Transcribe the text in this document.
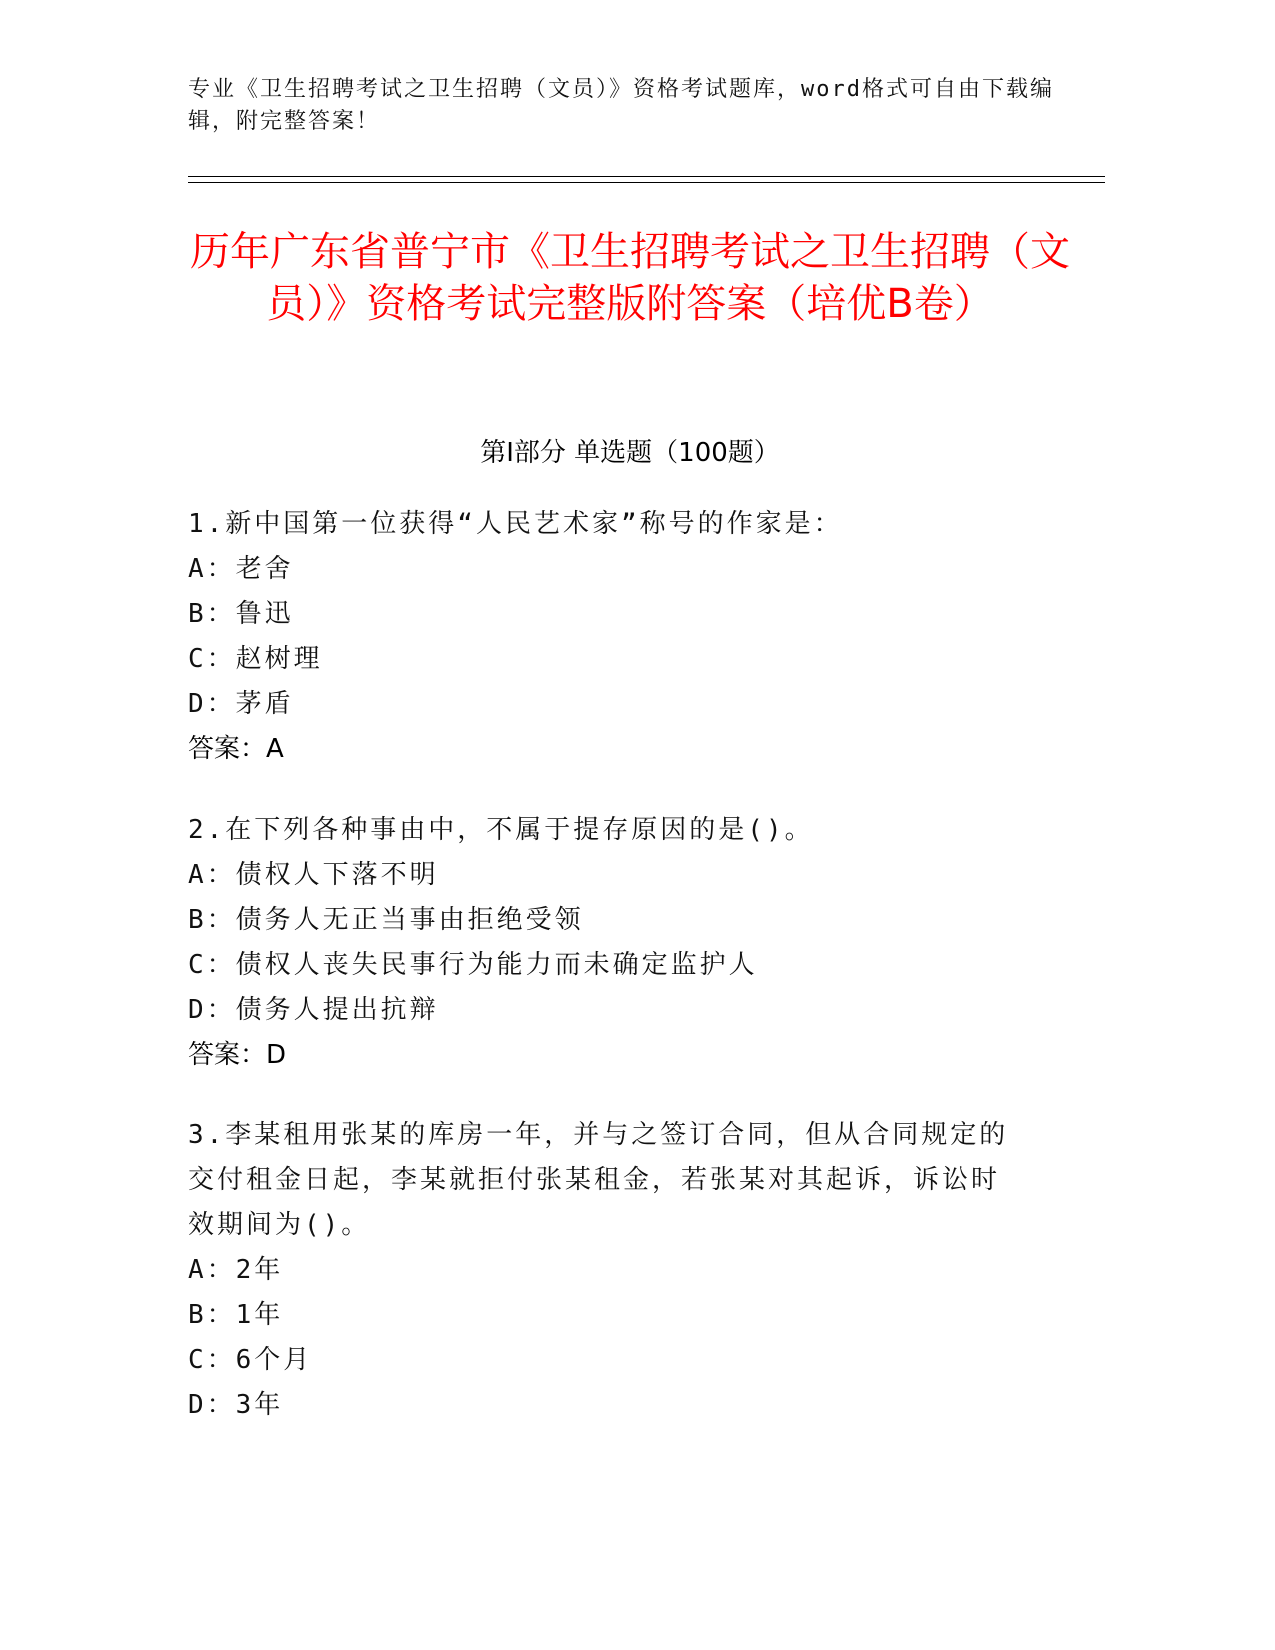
专业《卫生招聘考试之卫生招聘（文员）》资格考试题库，word格式可自由下载编辑，附完整答案！
历年广东省普宁市《卫生招聘考试之卫生招聘（文员）》资格考试完整版附答案（培优B卷）
第Ⅰ部分 单选题（100题）
1.新中国第一位获得“人民艺术家”称号的作家是：
A：老舍
B：鲁迅
C：赵树理
D：茅盾
答案：A
2.在下列各种事由中，不属于提存原因的是()。
A：债权人下落不明
B：债务人无正当事由拒绝受领
C：债权人丧失民事行为能力而未确定监护人
D：债务人提出抗辩
答案：D
3.李某租用张某的库房一年，并与之签订合同，但从合同规定的交付租金日起，李某就拒付张某租金，若张某对其起诉，诉讼时效期间为()。
A：2年
B：1年
C：6个月
D：3年
